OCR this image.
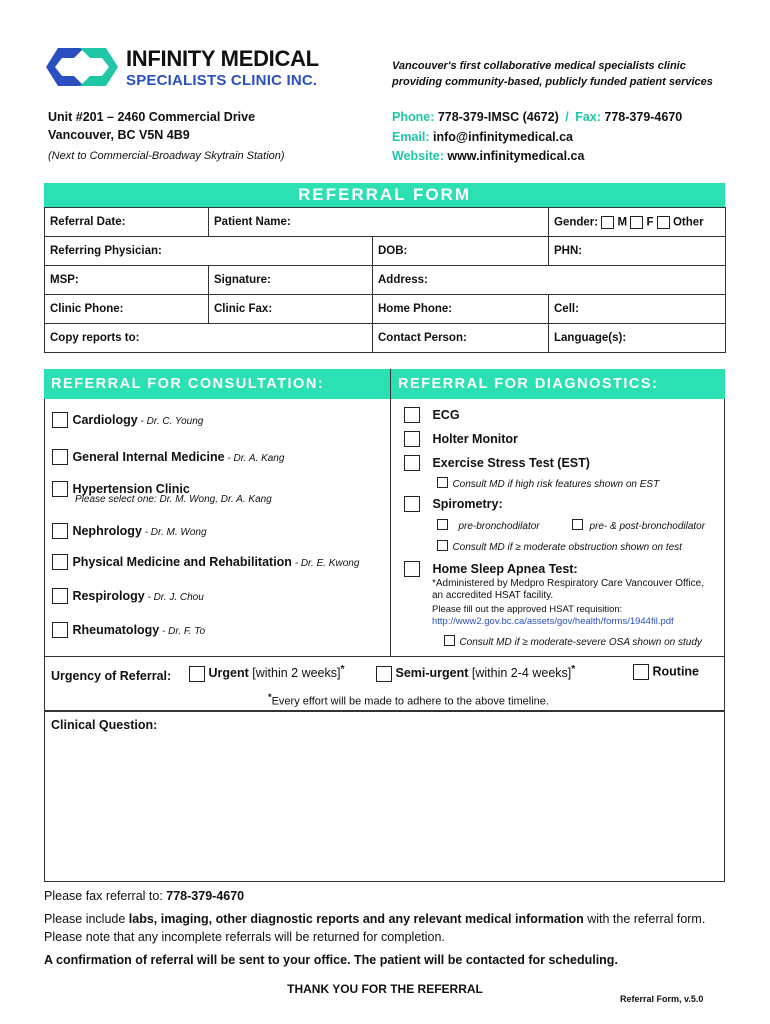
INFINITY MEDICAL
SPECIALISTS CLINIC INC.
Vancouver's first collaborative medical specialists clinic
providing community-based, publicly funded patient services
Unit #201 – 2460 Commercial Drive
Vancouver, BC V5N 4B9
(Next to Commercial-Broadway Skytrain Station)
Phone: 778-379-IMSC (4672) / Fax: 778-379-4670
Email: info@infinitymedical.ca
Website: www.infinitymedical.ca
REFERRAL FORM
Referral Date:	Patient Name:		Gender: M F Other
Referring Physician:		DOB:	PHN:
MSP:	Signature:	Address:	
Clinic Phone:	Clinic Fax:	Home Phone:	Cell:
Copy reports to:		Contact Person:	Language(s):
REFERRAL FOR CONSULTATION:	REFERRAL FOR DIAGNOSTICS:
Cardiology - Dr. C. Young
General Internal Medicine - Dr. A. Kang
Hypertension Clinic
Please select one: Dr. M. Wong, Dr. A. Kang
Nephrology - Dr. M. Wong
Physical Medicine and Rehabilitation - Dr. E. Kwong
Respirology - Dr. J. Chou
Rheumatology - Dr. F. To
ECG
Holter Monitor
Exercise Stress Test (EST)
Consult MD if high risk features shown on EST
Spirometry:
pre-bronchodilator	pre- & post-bronchodilator
Consult MD if ≥ moderate obstruction shown on test
Home Sleep Apnea Test:
*Administered by Medpro Respiratory Care Vancouver Office,
an accredited HSAT facility.
Please fill out the approved HSAT requisition:
http://www2.gov.bc.ca/assets/gov/health/forms/1944fil.pdf
Consult MD if ≥ moderate-severe OSA shown on study
Urgency of Referral:	Urgent [within 2 weeks]*	Semi-urgent [within 2-4 weeks]*	Routine
*Every effort will be made to adhere to the above timeline.
Clinical Question:
Please fax referral to: 778-379-4670
Please include labs, imaging, other diagnostic reports and any relevant medical information with the referral form.
Please note that any incomplete referrals will be returned for completion.
A confirmation of referral will be sent to your office. The patient will be contacted for scheduling.
THANK YOU FOR THE REFERRAL
Referral Form, v.5.0
